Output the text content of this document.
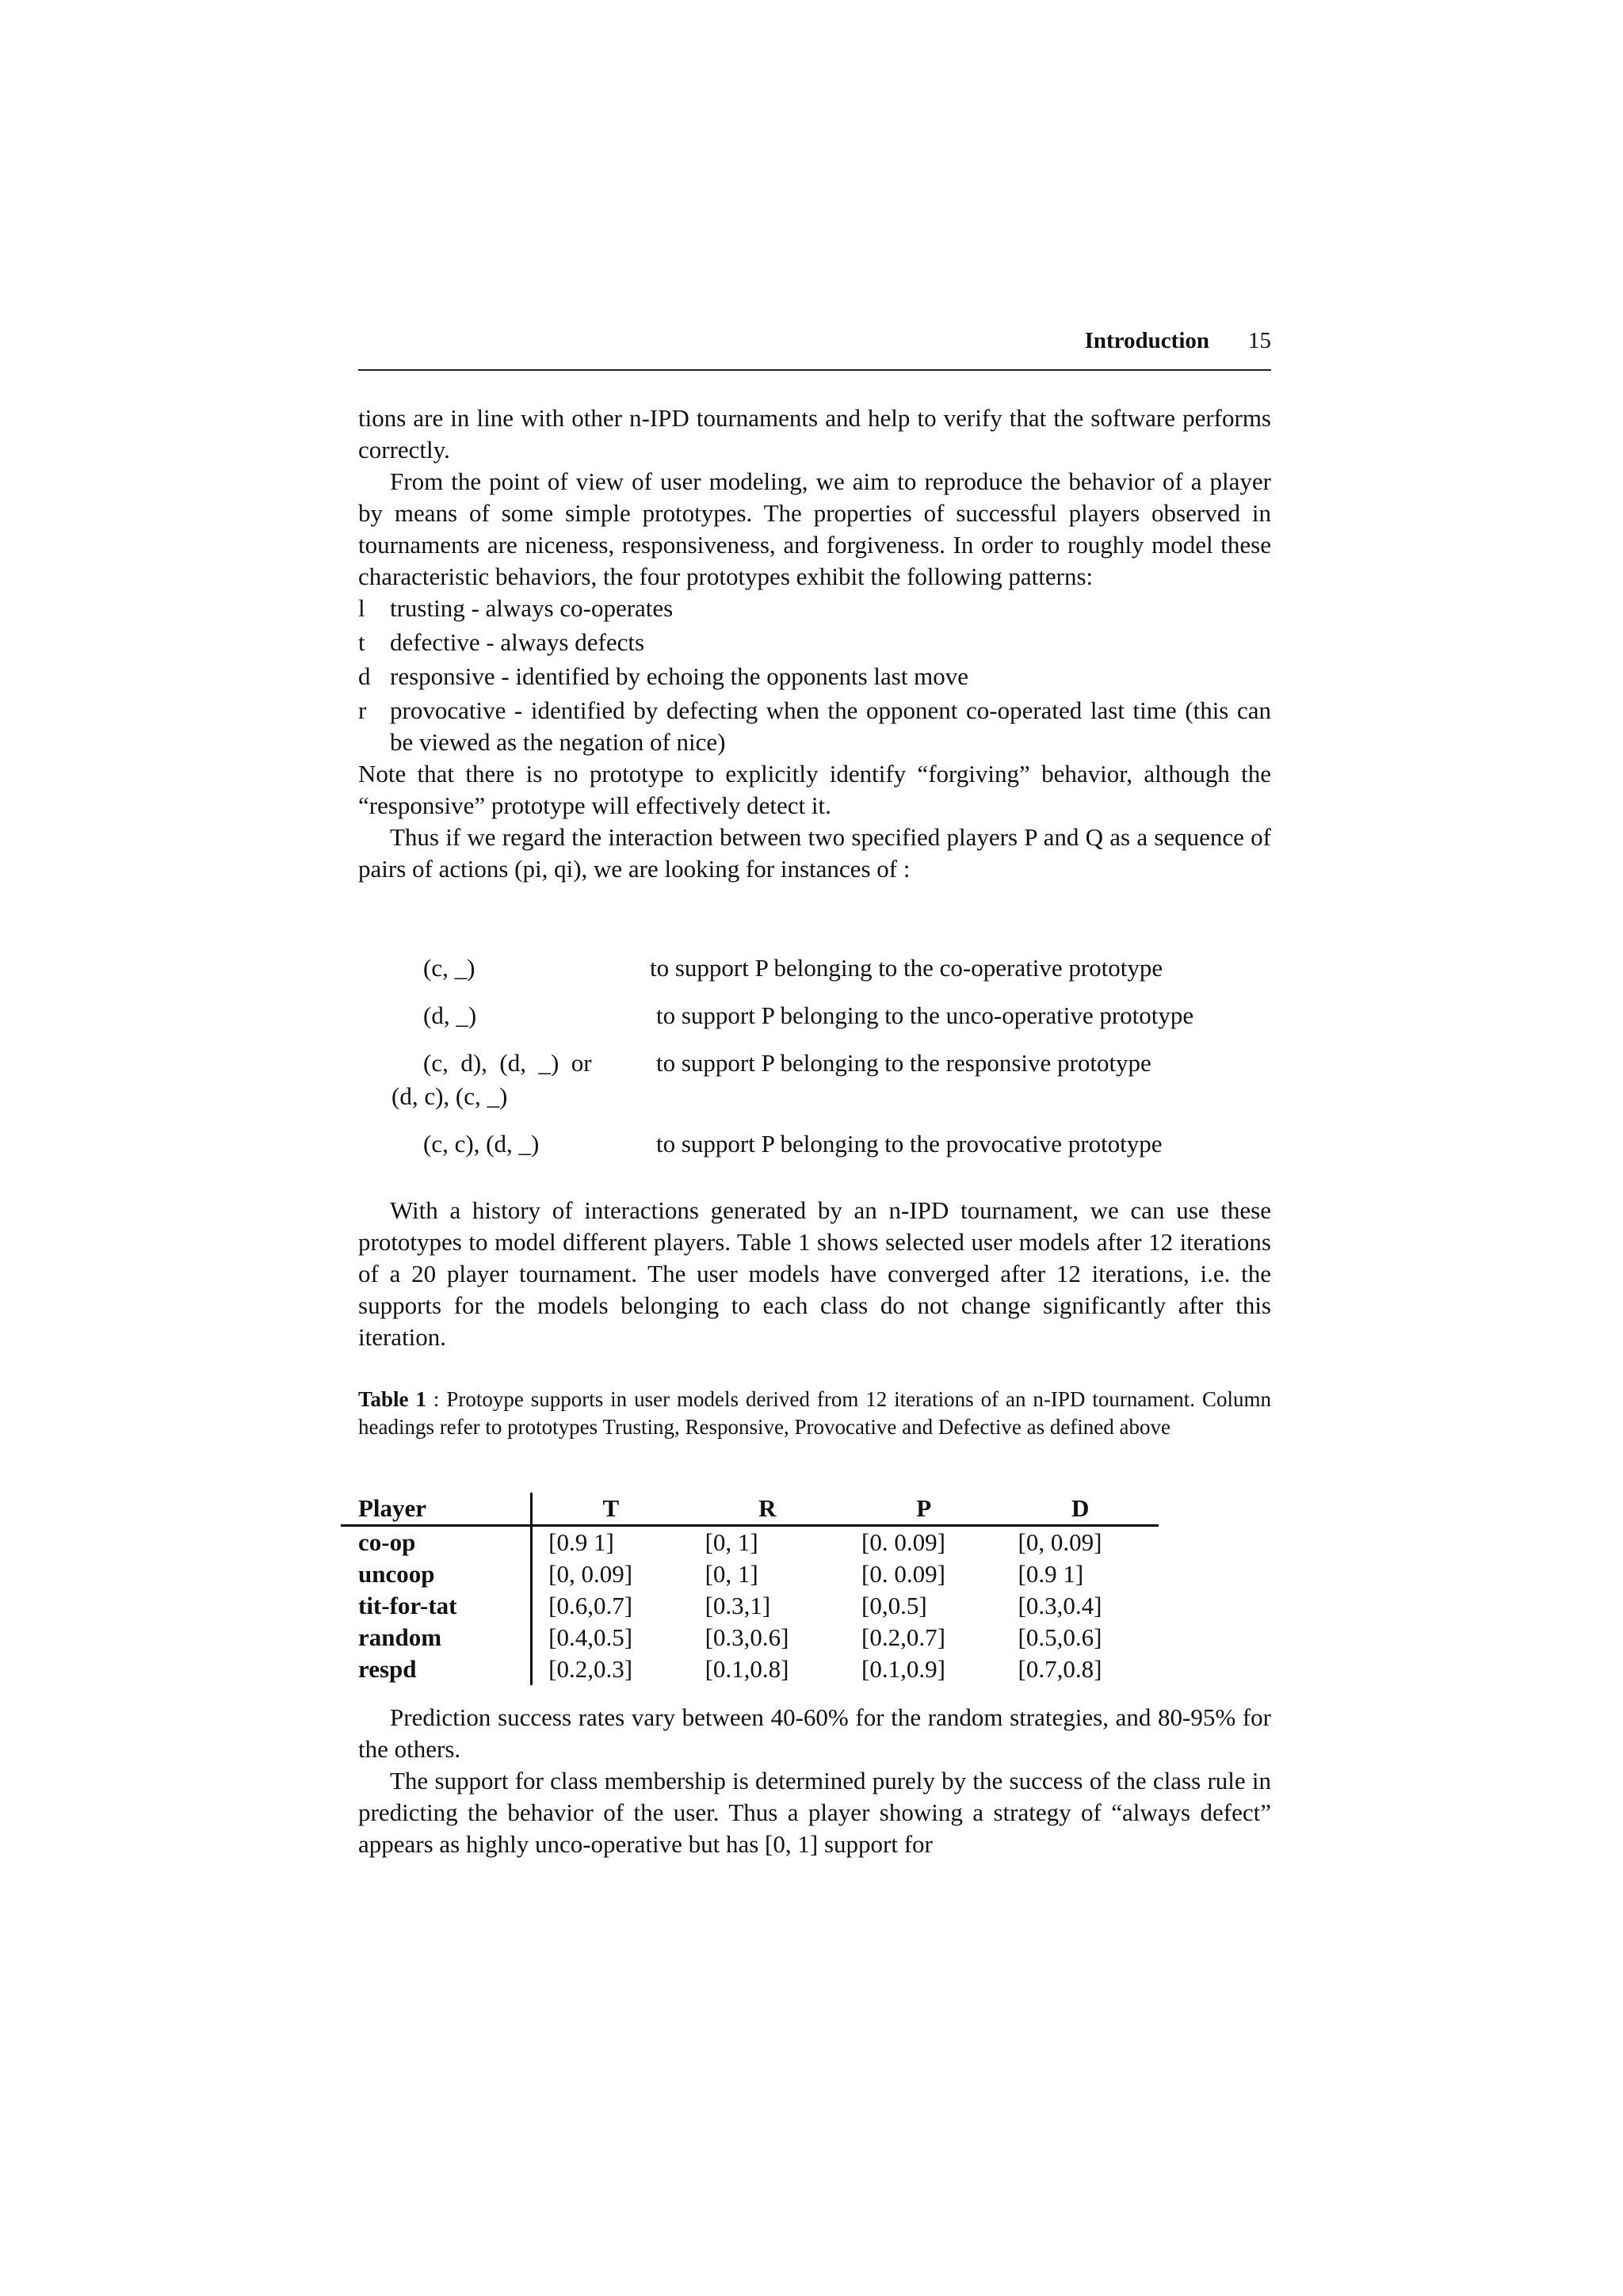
Introduction 15

tions are in line with other n-IPD tournaments and help to verify that the software performs correctly.

From the point of view of user modeling, we aim to reproduce the behavior of a player by means of some simple prototypes. The properties of successful players observed in tournaments are niceness, responsiveness, and forgiveness. In order to roughly model these characteristic behaviors, the four prototypes exhibit the following patterns:

l trusting - always co-operates
t defective - always defects
d responsive - identified by echoing the opponents last move
r provocative - identified by defecting when the opponent co-operated last time (this can be viewed as the negation of nice)

Note that there is no prototype to explicitly identify “forgiving” behavior, although the “responsive” prototype will effectively detect it.

Thus if we regard the interaction between two specified players P and Q as a sequence of pairs of actions (pi, qi), we are looking for instances of :

(c, _)	to support P belonging to the co-operative prototype
(d, _)	to support P belonging to the unco-operative prototype
(c,  d),  (d,  _)  or	to support P belonging to the responsive prototype
(d, c), (c, _)
(c, c), (d, _)	to support P belonging to the provocative prototype

With a history of interactions generated by an n-IPD tournament, we can use these prototypes to model different players. Table 1 shows selected user models after 12 iterations of a 20 player tournament. The user models have converged after 12 iterations, i.e. the supports for the models belonging to each class do not change significantly after this iteration.

Table 1 : Protoype supports in user models derived from 12 iterations of an n-IPD tournament. Column headings refer to prototypes Trusting, Responsive, Provocative and Defective as defined above
Player	T	R	P	D
co-op	[0.9 1]	[0, 1]	[0. 0.09]	[0, 0.09]
uncoop	[0, 0.09]	[0, 1]	[0. 0.09]	[0.9 1]
tit-for-tat	[0.6,0.7]	[0.3,1]	[0,0.5]	[0.3,0.4]
random	[0.4,0.5]	[0.3,0.6]	[0.2,0.7]	[0.5,0.6]
respd	[0.2,0.3]	[0.1,0.8]	[0.1,0.9]	[0.7,0.8]

Prediction success rates vary between 40-60% for the random strategies, and 80-95% for the others.

The support for class membership is determined purely by the success of the class rule in predicting the behavior of the user. Thus a player showing a strategy of “always defect” appears as highly unco-operative but has [0, 1] support for
